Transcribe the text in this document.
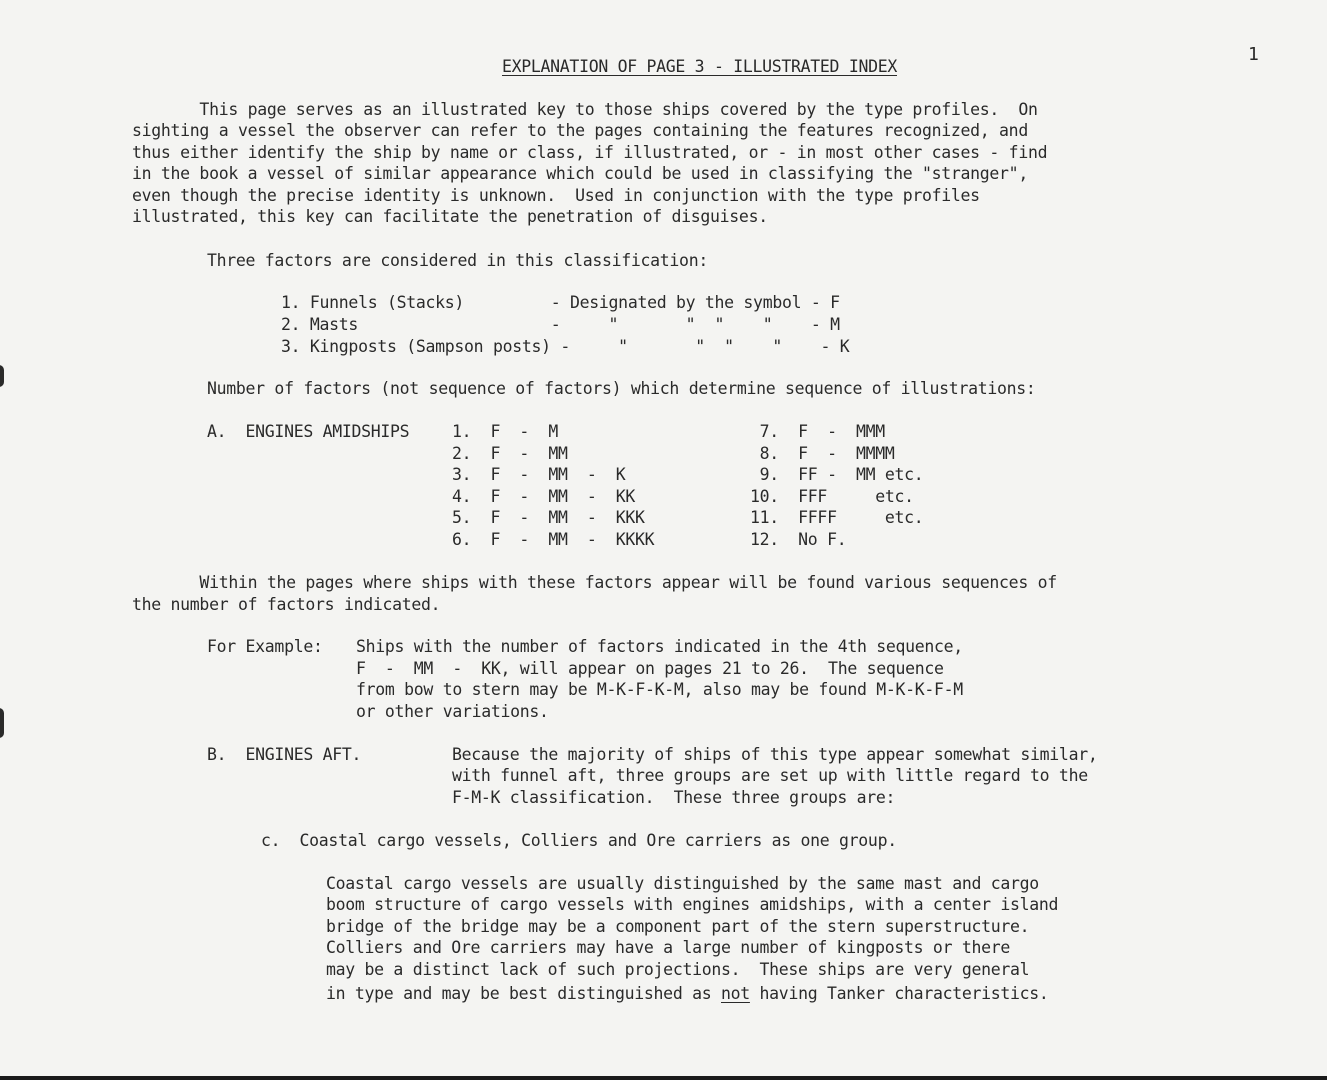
1
EXPLANATION OF PAGE 3 - ILLUSTRATED INDEX
This page serves as an illustrated key to those ships covered by the type profiles.  On
sighting a vessel the observer can refer to the pages containing the features recognized, and
thus either identify the ship by name or class, if illustrated, or - in most other cases - find
in the book a vessel of similar appearance which could be used in classifying the "stranger",
even though the precise identity is unknown.  Used in conjunction with the type profiles
illustrated, this key can facilitate the penetration of disguises.
Three factors are considered in this classification:
1. Funnels (Stacks)         - Designated by the symbol - F
2. Masts                    -     "       "  "    "    - M
3. Kingposts (Sampson posts) -     "       "  "    "    - K
Number of factors (not sequence of factors) which determine sequence of illustrations:
A.  ENGINES AMIDSHIPS	1.  F  -  M
2.  F  -  MM
3.  F  -  MM  -  K
4.  F  -  MM  -  KK
5.  F  -  MM  -  KKK
6.  F  -  MM  -  KKKK
7.  F  -  MMM
8.  F  -  MMMM
9.  FF -  MM etc.
10.  FFF     etc.
11.  FFFF     etc.
12.  No F.
Within the pages where ships with these factors appear will be found various sequences of
the number of factors indicated.
For Example: Ships with the number of factors indicated in the 4th sequence,
F  -  MM  -  KK, will appear on pages 21 to 26.  The sequence
from bow to stern may be M-K-F-K-M, also may be found M-K-K-F-M
or other variations.
B.  ENGINES AFT.	Because the majority of ships of this type appear somewhat similar,
with funnel aft, three groups are set up with little regard to the
F-M-K classification.  These three groups are:
c.  Coastal cargo vessels, Colliers and Ore carriers as one group.
Coastal cargo vessels are usually distinguished by the same mast and cargo
boom structure of cargo vessels with engines amidships, with a center island
bridge of the bridge may be a component part of the stern superstructure.
Colliers and Ore carriers may have a large number of kingposts or there
may be a distinct lack of such projections.  These ships are very general
in type and may be best distinguished as not having Tanker characteristics.
